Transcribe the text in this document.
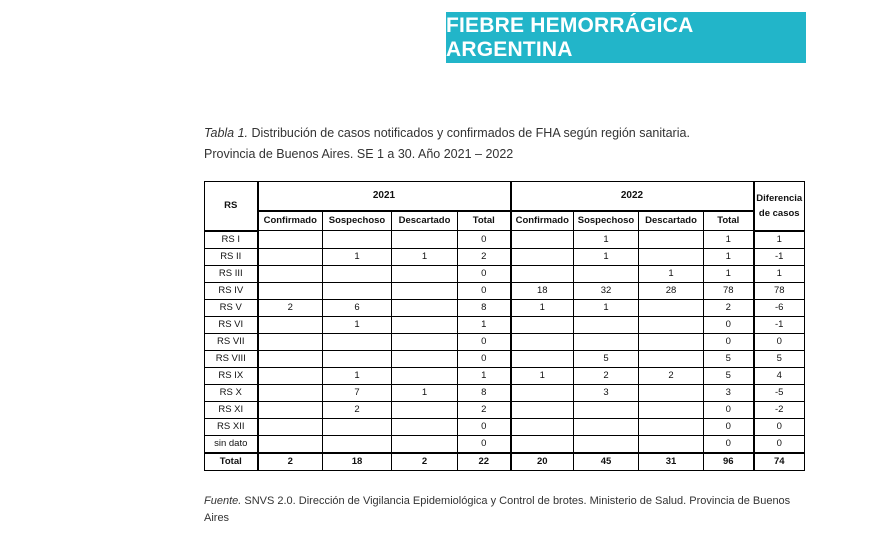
FIEBRE HEMORRÁGICA ARGENTINA
Tabla 1. Distribución de casos notificados y confirmados de FHA según región sanitaria.
Provincia de Buenos Aires. SE 1 a 30. Año 2021 – 2022
RS	2021				2022				Diferencia de casos
	Confirmado	Sospechoso	Descartado	Total	Confirmado	Sospechoso	Descartado	Total	
RS I				0		1		1	1
RS II		1	1	2		1		1	-1
RS III				0			1	1	1
RS IV				0	18	32	28	78	78
RS V	2	6		8	1	1		2	-6
RS VI		1		1				0	-1
RS VII				0				0	0
RS VIII				0		5		5	5
RS IX		1		1	1	2	2	5	4
RS X		7	1	8		3		3	-5
RS XI		2		2				0	-2
RS XII				0				0	0
sin dato				0				0	0
Total	2	18	2	22	20	45	31	96	74
Fuente. SNVS 2.0. Dirección de Vigilancia Epidemiológica y Control de brotes. Ministerio de Salud. Provincia de Buenos Aires
